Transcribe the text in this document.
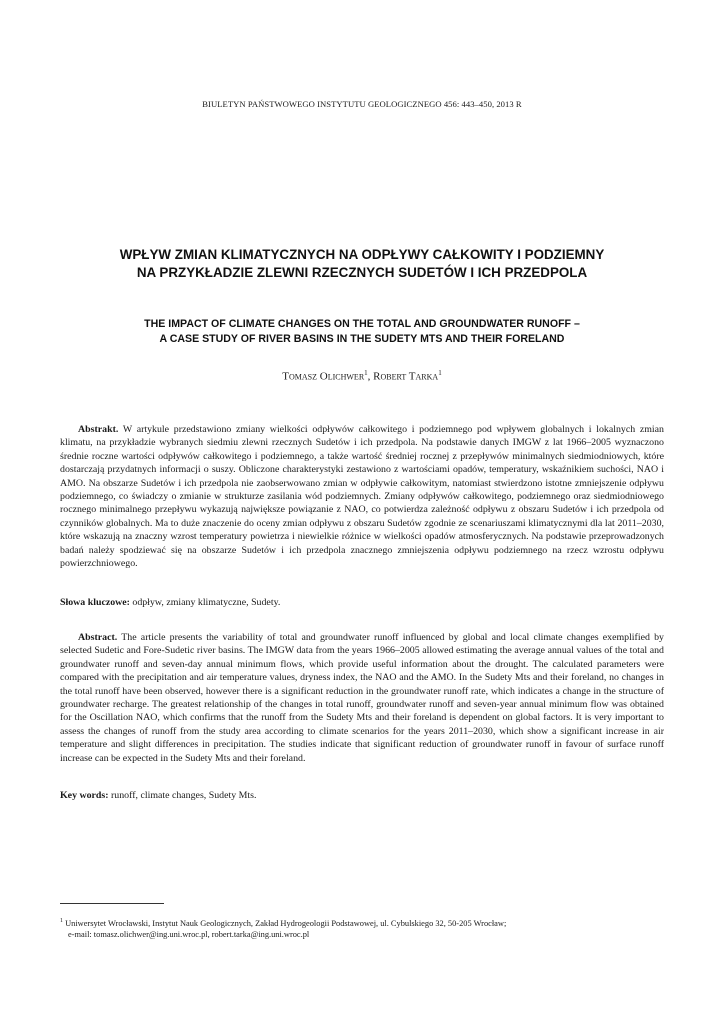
BIULETYN PAŃSTWOWEGO INSTYTUTU GEOLOGICZNEGO 456: 443–450, 2013 R
WPŁYW ZMIAN KLIMATYCZNYCH NA ODPŁYWY CAŁKOWITY I PODZIEMNY
NA PRZYKŁADZIE ZLEWNI RZECZNYCH SUDETÓW I ICH PRZEDPOLA
THE IMPACT OF CLIMATE CHANGES ON THE TOTAL AND GROUNDWATER RUNOFF –
A CASE STUDY OF RIVER BASINS IN THE SUDETY MTS AND THEIR FORELAND
Tomasz Olichwer$^1$, Robert Tarka$^1$

Abstrakt. W artykule przedstawiono zmiany wielkości odpływów całkowitego i podziemnego pod wpływem globalnych i lokalnych zmian klimatu, na przykładzie wybranych siedmiu zlewni rzecznych Sudetów i ich przedpola. Na podstawie danych IMGW z lat 1966–2005 wyznaczono średnie roczne wartości odpływów całkowitego i podziemnego, a także wartość średniej rocznej z przepływów minimalnych siedmiodniowych, które dostarczają przydatnych informacji o suszy. Obliczone charakterystyki zestawiono z wartościami opadów, temperatury, wskaźnikiem suchości, NAO i AMO. Na obszarze Sudetów i ich przedpola nie zaobserwowano zmian w odpływie całkowitym, natomiast stwierdzono istotne zmniejszenie odpływu podziemnego, co świadczy o zmianie w strukturze zasilania wód podziemnych. Zmiany odpływów całkowitego, podziemnego oraz siedmiodniowego rocznego minimalnego przepływu wykazują największe powiązanie z NAO, co potwierdza zależność odpływu z obszaru Sudetów i ich przedpola od czynników globalnych. Ma to duże znaczenie do oceny zmian odpływu z obszaru Sudetów zgodnie ze scenariuszami klimatycznymi dla lat 2011–2030, które wskazują na znaczny wzrost temperatury powietrza i niewielkie różnice w wielkości opadów atmosferycznych. Na podstawie przeprowadzonych badań należy spodziewać się na obszarze Sudetów i ich przedpola znacznego zmniejszenia odpływu podziemnego na rzecz wzrostu odpływu powierzchniowego.

Słowa kluczowe: odpływ, zmiany klimatyczne, Sudety.

Abstract. The article presents the variability of total and groundwater runoff influenced by global and local climate changes exemplified by selected Sudetic and Fore-Sudetic river basins. The IMGW data from the years 1966–2005 allowed estimating the average annual values of the total and groundwater runoff and seven-day annual minimum flows, which provide useful information about the drought. The calculated parameters were compared with the precipitation and air temperature values, dryness index, the NAO and the AMO. In the Sudety Mts and their foreland, no changes in the total runoff have been observed, however there is a significant reduction in the groundwater runoff rate, which indicates a change in the structure of groundwater recharge. The greatest relationship of the changes in total runoff, groundwater runoff and seven-year annual minimum flow was obtained for the Oscillation NAO, which confirms that the runoff from the Sudety Mts and their foreland is dependent on global factors. It is very important to assess the changes of runoff from the study area according to climate scenarios for the years 2011–2030, which show a significant increase in air temperature and slight differences in precipitation. The studies indicate that significant reduction of groundwater runoff in favour of surface runoff increase can be expected in the Sudety Mts and their foreland.

Key words: runoff, climate changes, Sudety Mts.
$^1$ Uniwersytet Wrocławski, Instytut Nauk Geologicznych, Zakład Hydrogeologii Podstawowej, ul. Cybulskiego 32, 50-205 Wrocław;
e-mail: tomasz.olichwer@ing.uni.wroc.pl, robert.tarka@ing.uni.wroc.pl
